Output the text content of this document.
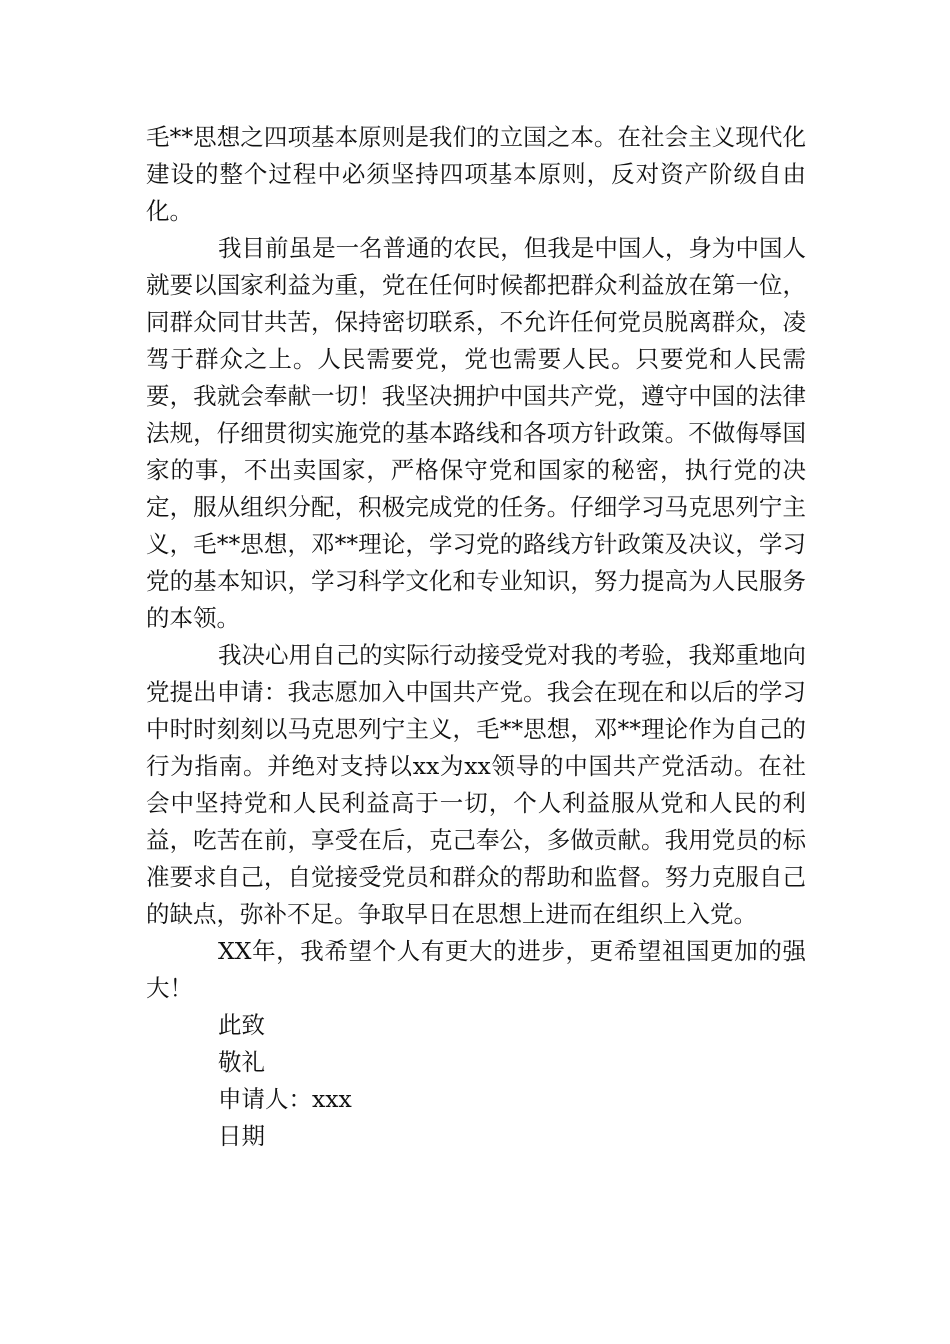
毛**思想之四项基本原则是我们的立国之本。在社会主义现代化建设的整个过程中必须坚持四项基本原则，反对资产阶级自由化。

我目前虽是一名普通的农民，但我是中国人，身为中国人就要以国家利益为重，党在任何时候都把群众利益放在第一位，同群众同甘共苦，保持密切联系，不允许任何党员脱离群众，凌驾于群众之上。人民需要党，党也需要人民。只要党和人民需要，我就会奉献一切！我坚决拥护中国共产党，遵守中国的法律法规，仔细贯彻实施党的基本路线和各项方针政策。不做侮辱国家的事，不出卖国家，严格保守党和国家的秘密，执行党的决定，服从组织分配，积极完成党的任务。仔细学习马克思列宁主义，毛**思想，邓**理论，学习党的路线方针政策及决议，学习党的基本知识，学习科学文化和专业知识，努力提高为人民服务的本领。

我决心用自己的实际行动接受党对我的考验，我郑重地向党提出申请：我志愿加入中国共产党。我会在现在和以后的学习中时时刻刻以马克思列宁主义，毛**思想，邓**理论作为自己的行为指南。并绝对支持以xx为xx领导的中国共产党活动。在社会中坚持党和人民利益高于一切，个人利益服从党和人民的利益，吃苦在前，享受在后，克己奉公，多做贡献。我用党员的标准要求自己，自觉接受党员和群众的帮助和监督。努力克服自己的缺点，弥补不足。争取早日在思想上进而在组织上入党。

XX年，我希望个人有更大的进步，更希望祖国更加的强大！

此致

敬礼

申请人：xxx

日期
